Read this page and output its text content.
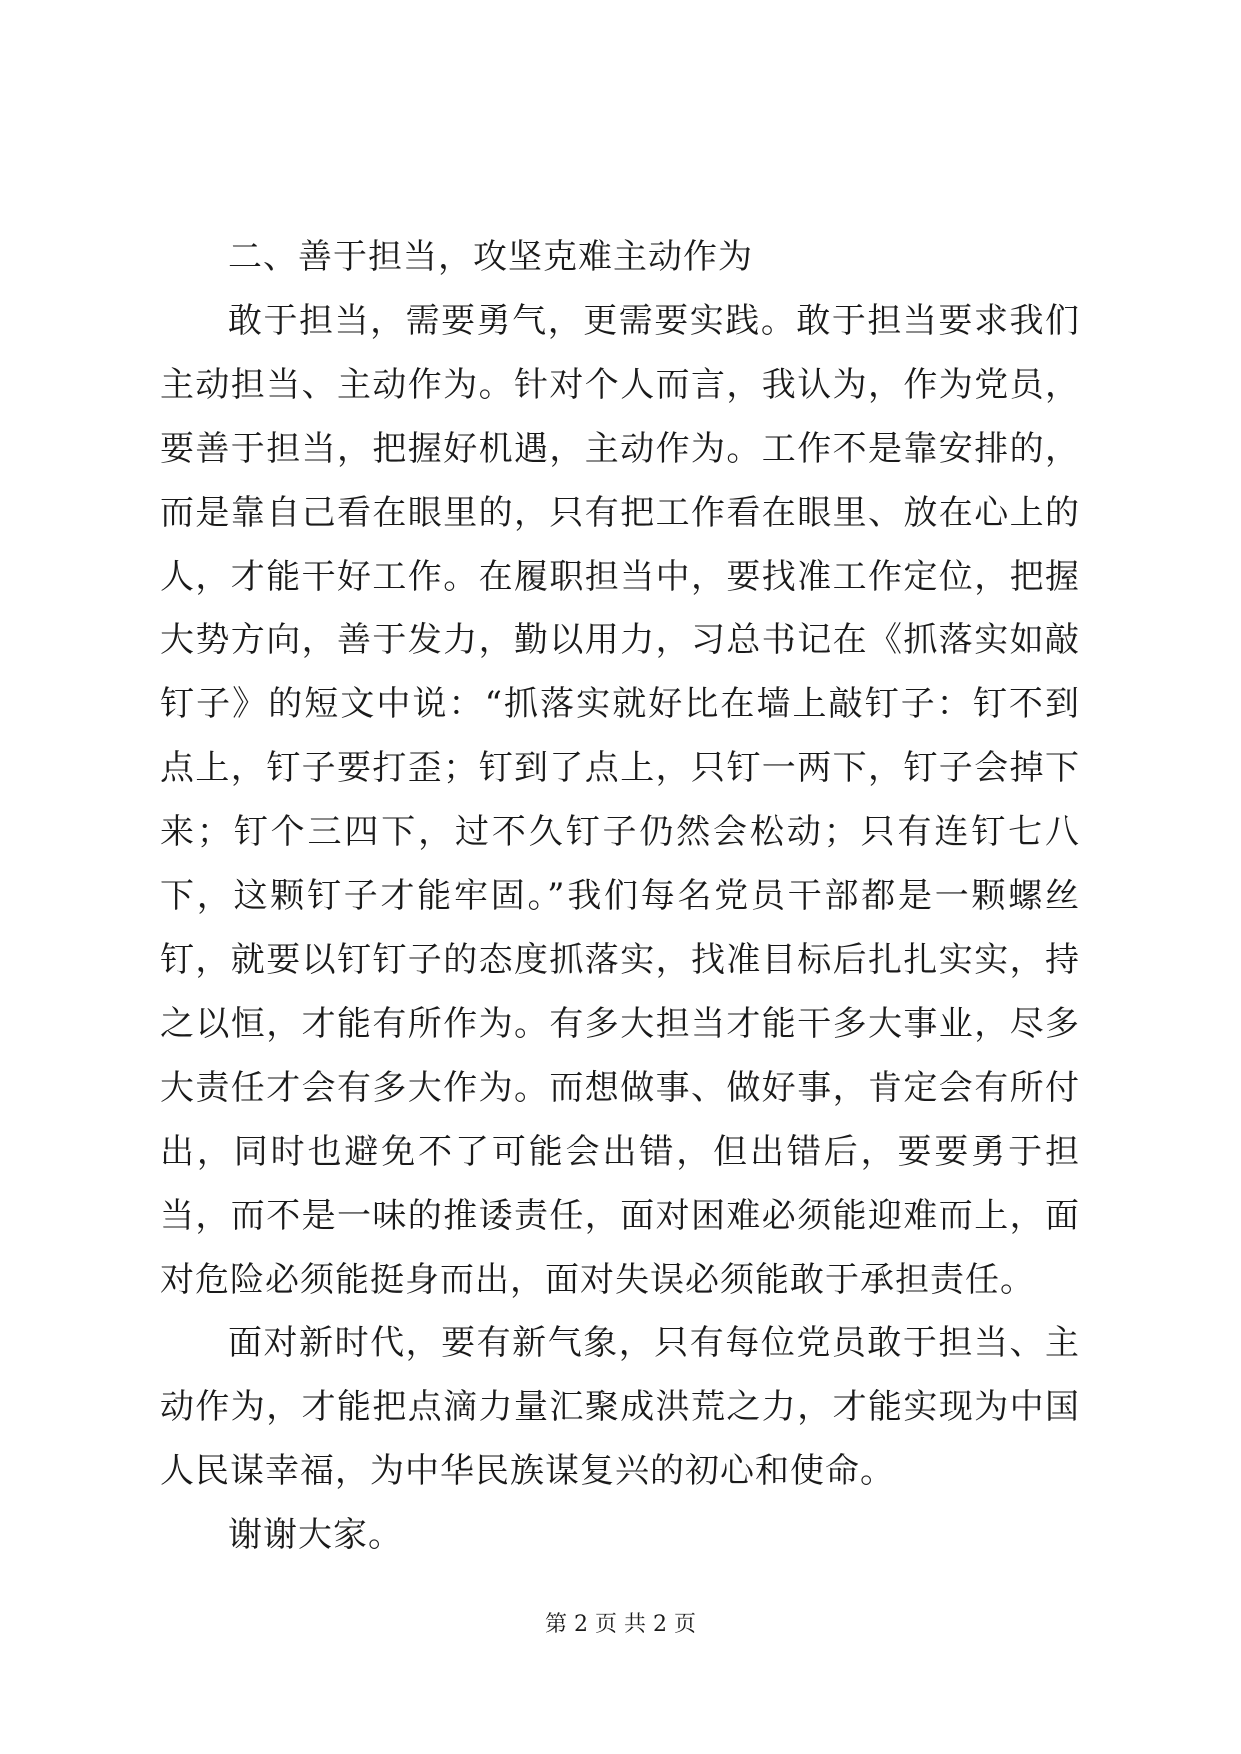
二、善于担当，攻坚克难主动作为

敢于担当，需要勇气，更需要实践。敢于担当要求我们主动担当、主动作为。针对个人而言，我认为，作为党员，要善于担当，把握好机遇，主动作为。工作不是靠安排的，而是靠自己看在眼里的，只有把工作看在眼里、放在心上的人，才能干好工作。在履职担当中，要找准工作定位，把握大势方向，善于发力，勤以用力，习总书记在《抓落实如敲钉子》的短文中说：“抓落实就好比在墙上敲钉子：钉不到点上，钉子要打歪；钉到了点上，只钉一两下，钉子会掉下来；钉个三四下，过不久钉子仍然会松动；只有连钉七八下，这颗钉子才能牢固。”我们每名党员干部都是一颗螺丝钉，就要以钉钉子的态度抓落实，找准目标后扎扎实实，持之以恒，才能有所作为。有多大担当才能干多大事业，尽多大责任才会有多大作为。而想做事、做好事，肯定会有所付出，同时也避免不了可能会出错，但出错后，要要勇于担当，而不是一味的推诿责任，面对困难必须能迎难而上，面对危险必须能挺身而出，面对失误必须能敢于承担责任。

面对新时代，要有新气象，只有每位党员敢于担当、主动作为，才能把点滴力量汇聚成洪荒之力，才能实现为中国人民谋幸福，为中华民族谋复兴的初心和使命。

谢谢大家。

第 2 页 共 2 页
